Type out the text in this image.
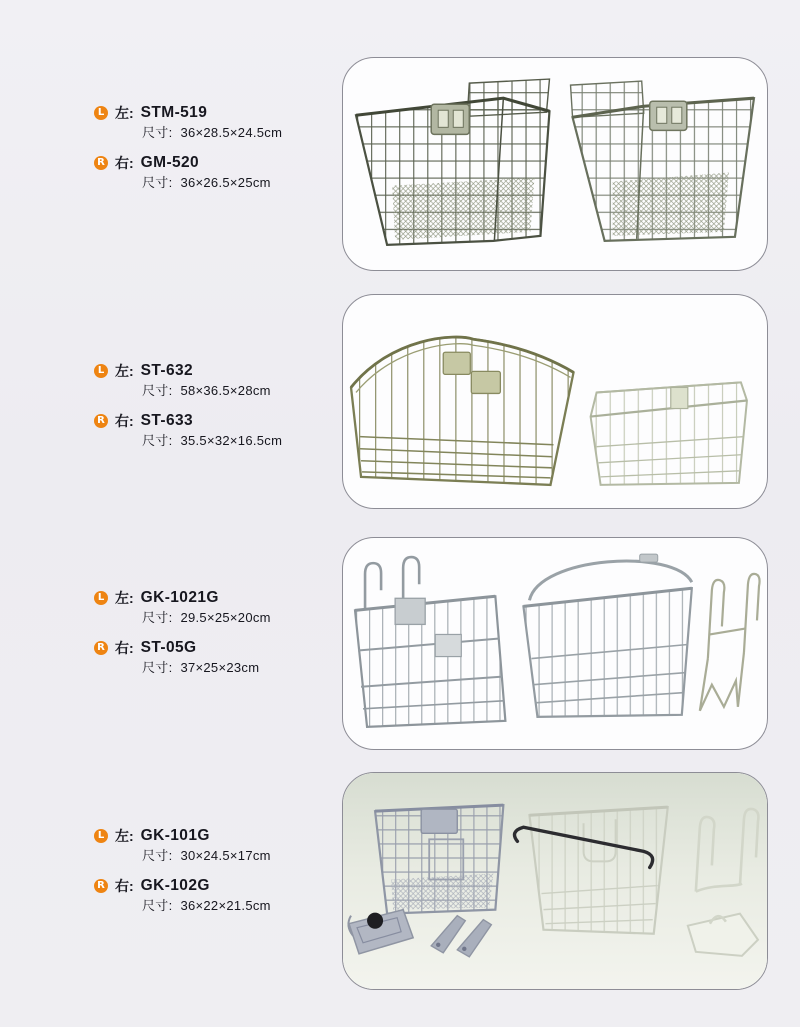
L 左: STM-519
尺寸: 36×28.5×24.5cm
R 右: GM-520
尺寸: 36×26.5×25cm
L 左: ST-632
尺寸: 58×36.5×28cm
R 右: ST-633
尺寸: 35.5×32×16.5cm
L 左: GK-1021G
尺寸: 29.5×25×20cm
R 右: ST-05G
尺寸: 37×25×23cm
L 左: GK-101G
尺寸: 30×24.5×17cm
R 右: GK-102G
尺寸: 36×22×21.5cm
